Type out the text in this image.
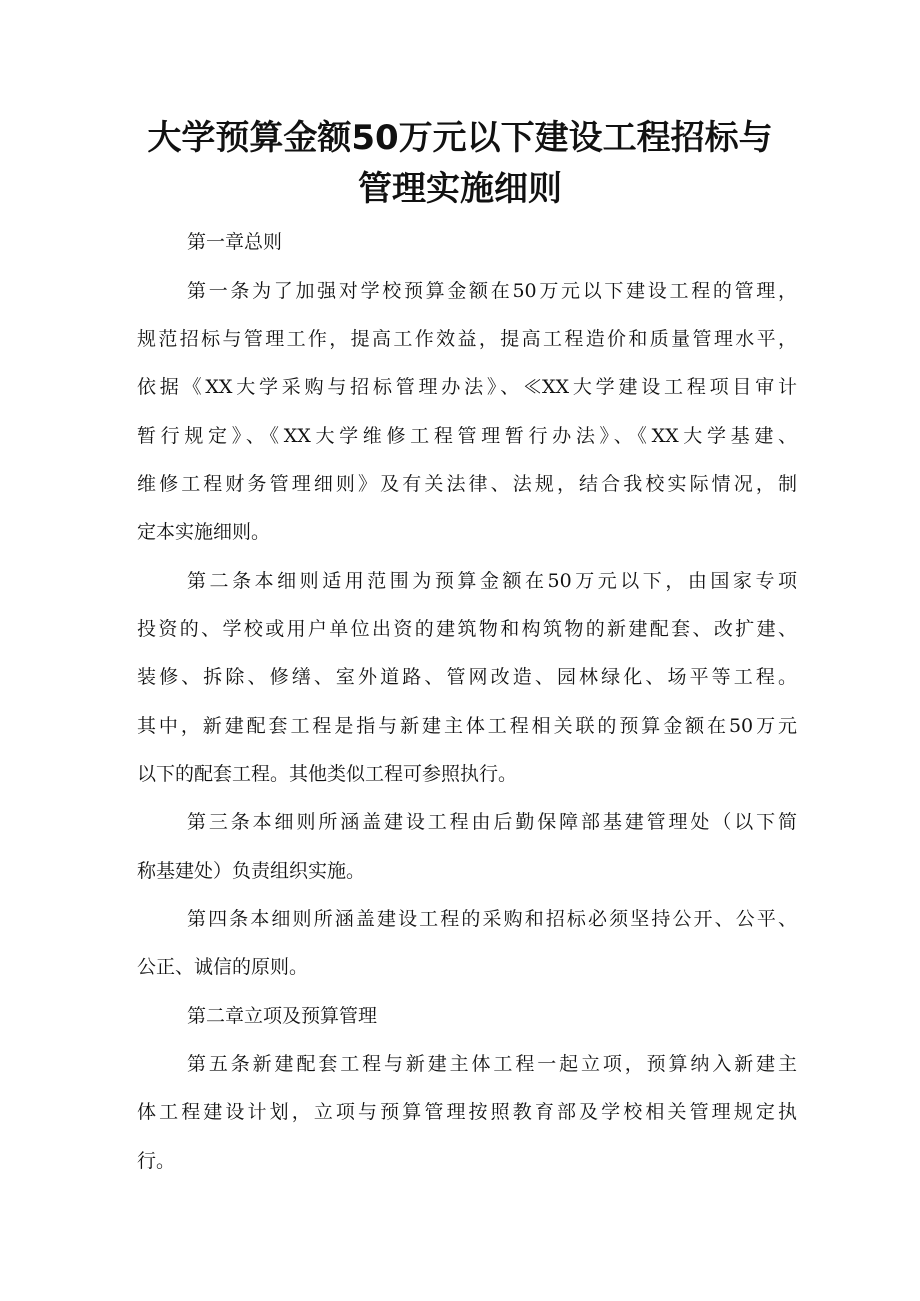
大学预算金额50万元以下建设工程招标与
管理实施细则

第一章总则

第一条为了加强对学校预算金额在50万元以下建设工程的管理，

规范招标与管理工作，提高工作效益，提高工程造价和质量管理水平，

依据《XX大学采购与招标管理办法》、≪XX大学建设工程项目审计

暂行规定》、《XX大学维修工程管理暂行办法》、《XX大学基建、

维修工程财务管理细则》及有关法律、法规，结合我校实际情况，制

定本实施细则。

第二条本细则适用范围为预算金额在50万元以下，由国家专项

投资的、学校或用户单位出资的建筑物和构筑物的新建配套、改扩建、

装修、拆除、修缮、室外道路、管网改造、园林绿化、场平等工程。

其中，新建配套工程是指与新建主体工程相关联的预算金额在50万元

以下的配套工程。其他类似工程可参照执行。

第三条本细则所涵盖建设工程由后勤保障部基建管理处（以下简

称基建处）负责组织实施。

第四条本细则所涵盖建设工程的采购和招标必须坚持公开、公平、

公正、诚信的原则。

第二章立项及预算管理

第五条新建配套工程与新建主体工程一起立项，预算纳入新建主

体工程建设计划，立项与预算管理按照教育部及学校相关管理规定执

行。
